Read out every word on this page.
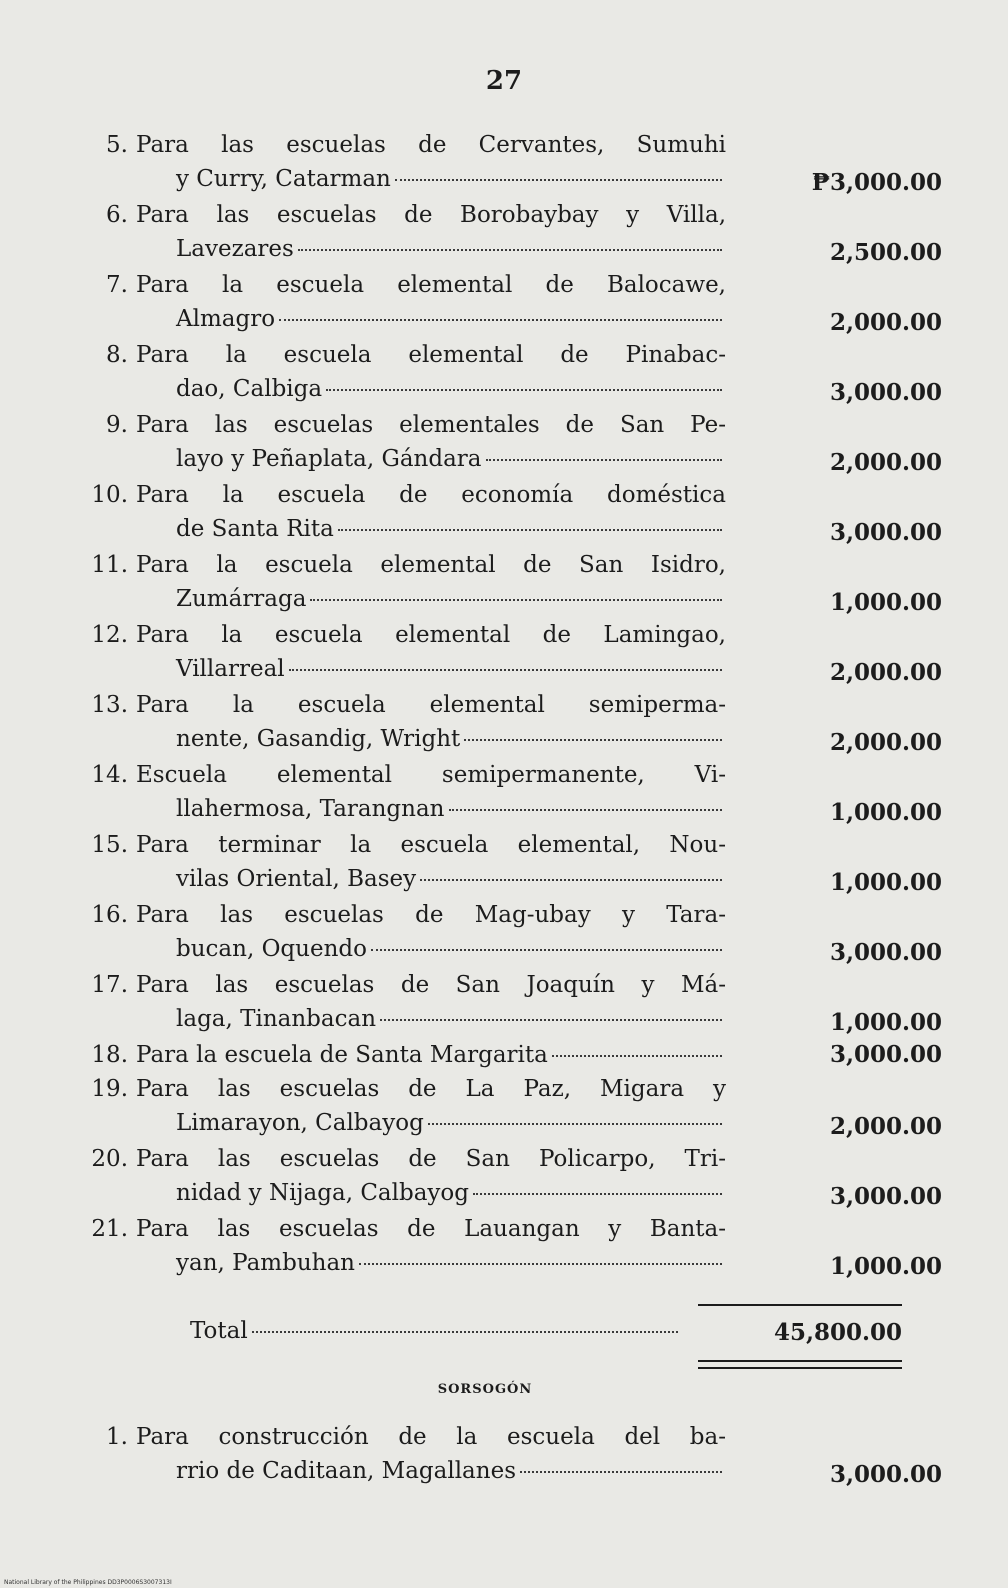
27
5. Para las escuelas de Cervantes, Sumuhi
y Curry, Catarman	₱3,000.00
6. Para las escuelas de Borobaybay y Villa,
Lavezares	2,500.00
7. Para la escuela elemental de Balocawe,
Almagro	2,000.00
8. Para la escuela elemental de Pinabac-
dao, Calbiga	3,000.00
9. Para las escuelas elementales de San Pe-
layo y Peñaplata, Gándara	2,000.00
10. Para la escuela de economía doméstica
de Santa Rita	3,000.00
11. Para la escuela elemental de San Isidro,
Zumárraga	1,000.00
12. Para la escuela elemental de Lamingao,
Villarreal	2,000.00
13. Para la escuela elemental semiperma-
nente, Gasandig, Wright	2,000.00
14. Escuela elemental semipermanente, Vi-
llahermosa, Tarangnan	1,000.00
15. Para terminar la escuela elemental, Nou-
vilas Oriental, Basey	1,000.00
16. Para las escuelas de Mag-ubay y Tara-
bucan, Oquendo	3,000.00
17. Para las escuelas de San Joaquín y Má-
laga, Tinanbacan	1,000.00
18. Para la escuela de Santa Margarita	3,000.00
19. Para las escuelas de La Paz, Migara y
Limarayon, Calbayog	2,000.00
20. Para las escuelas de San Policarpo, Tri-
nidad y Nijaga, Calbayog	3,000.00
21. Para las escuelas de Lauangan y Banta-
yan, Pambuhan	1,000.00
Total	45,800.00
SORSOGÓN
1. Para construcción de la escuela del ba-
rrio de Caditaan, Magallanes	3,000.00
National Library of the Philippines DD3P0006S3007313I
